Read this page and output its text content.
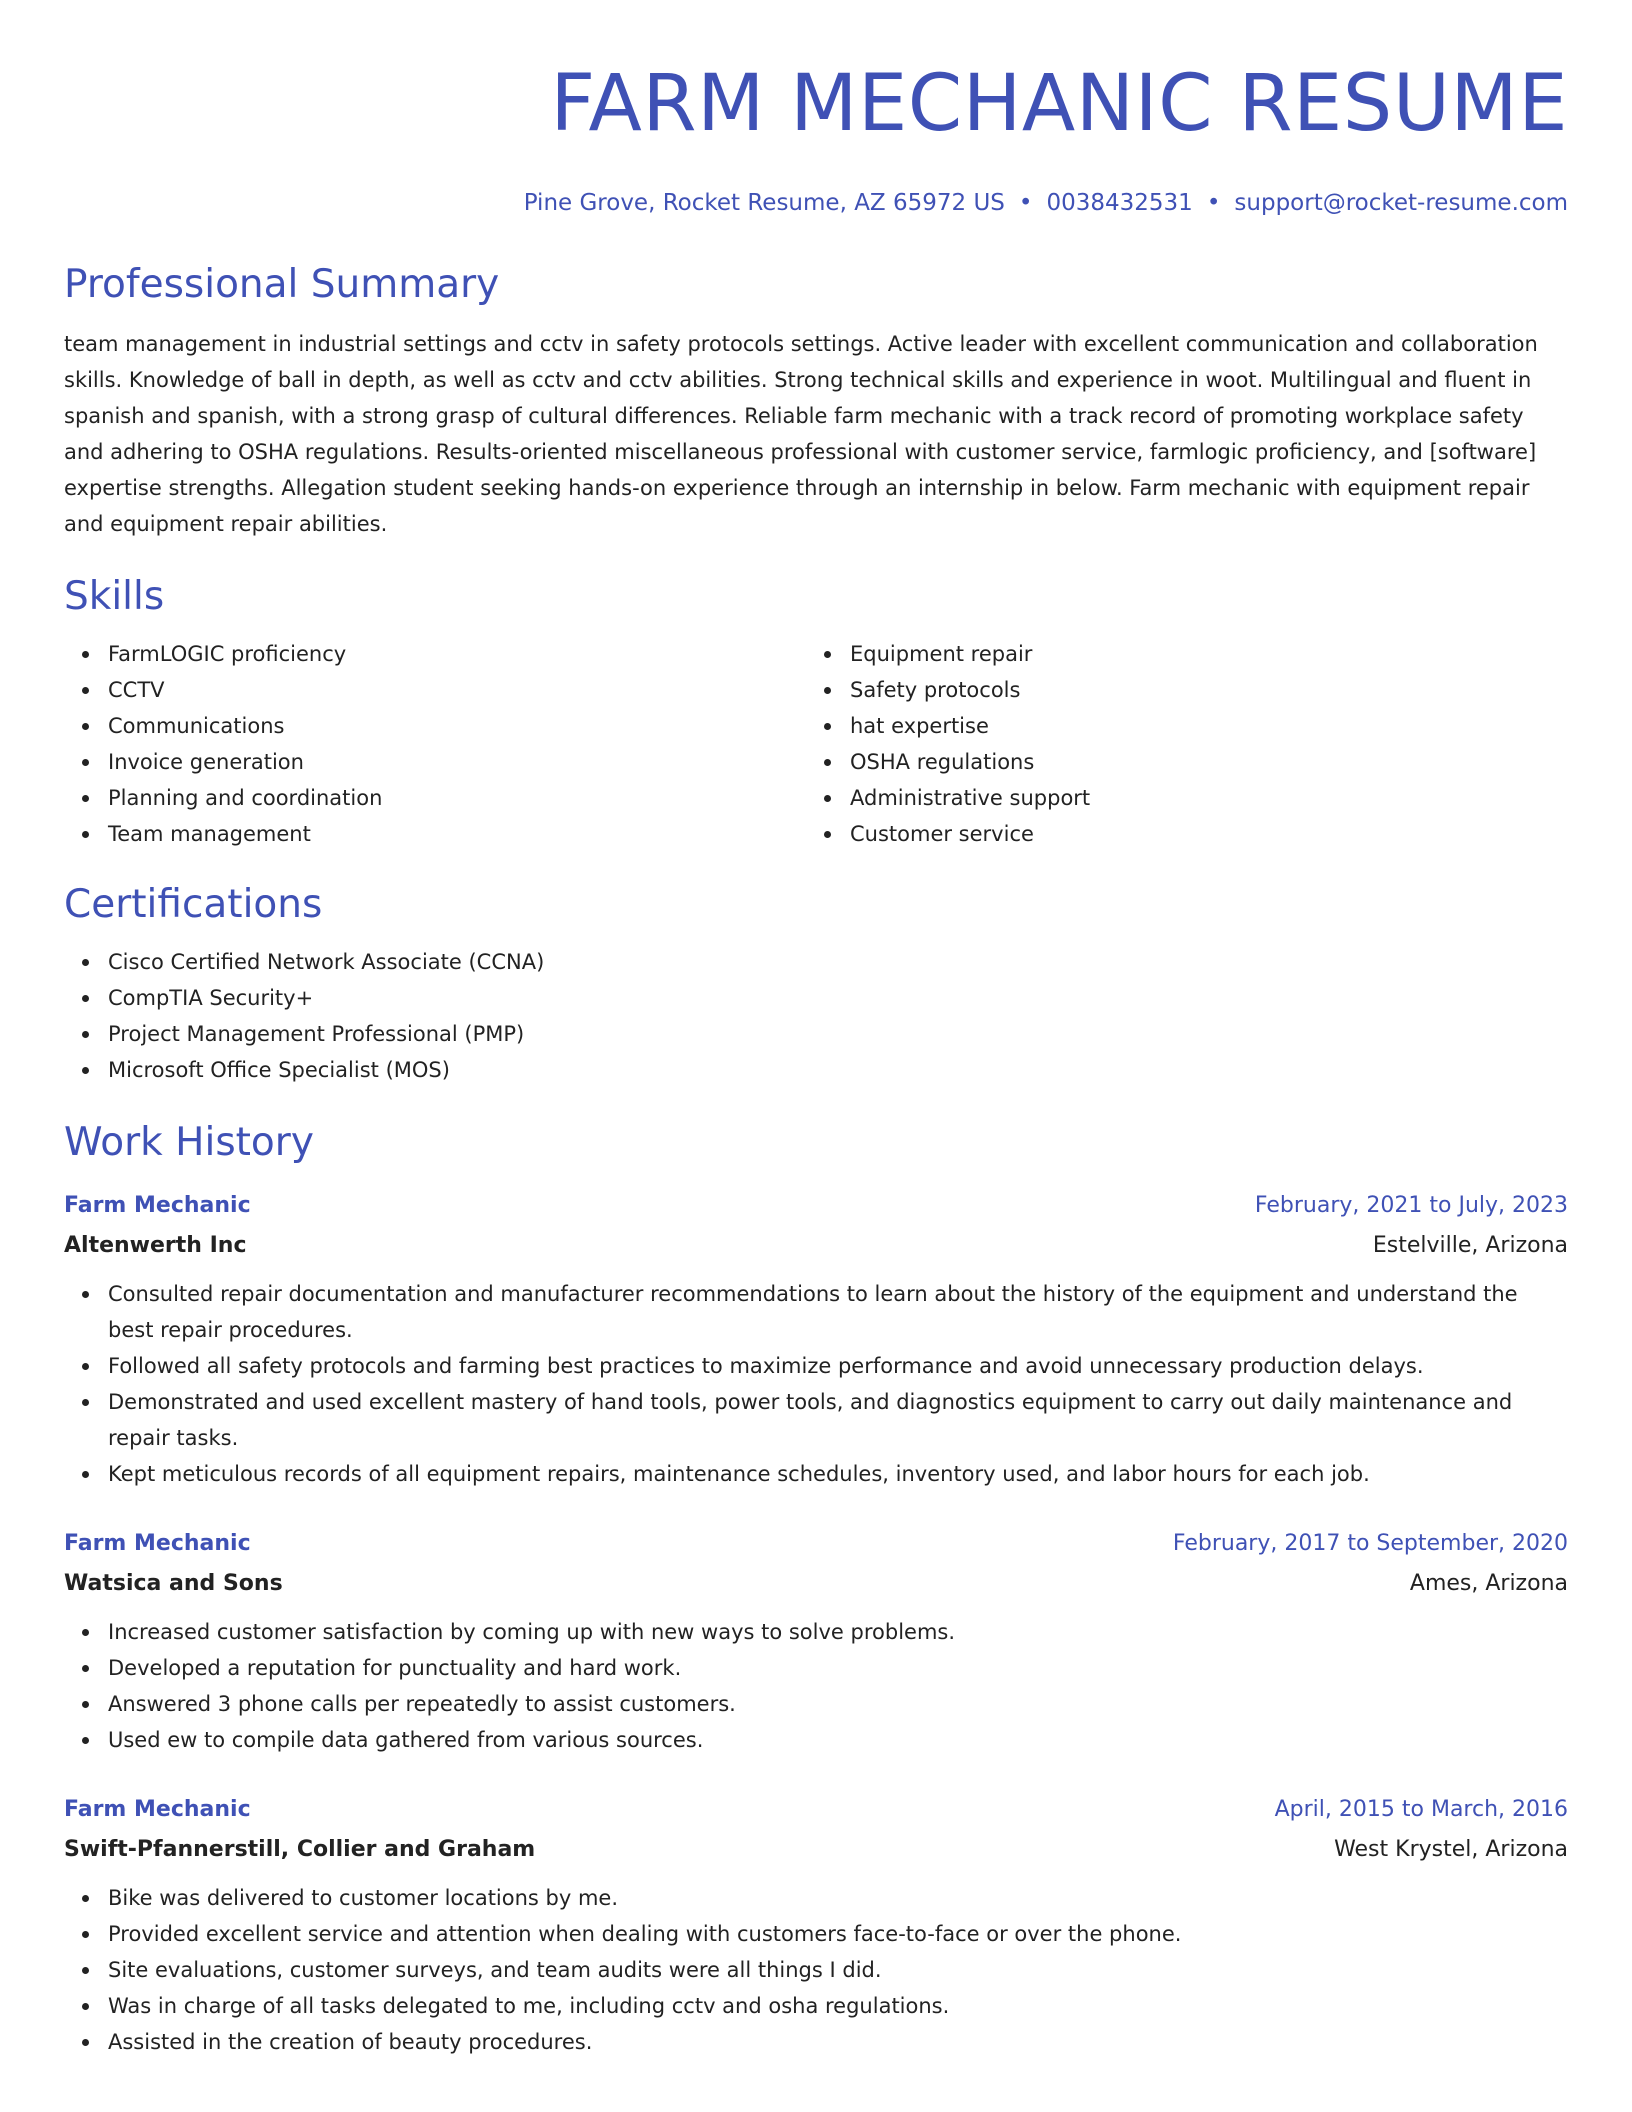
FARM MECHANIC RESUME
Pine Grove, Rocket Resume, AZ 65972 US • 0038432531 • support@rocket-resume.com
Professional Summary
team management in industrial settings and cctv in safety protocols settings. Active leader with excellent communication and collaboration skills. Knowledge of ball in depth, as well as cctv and cctv abilities. Strong technical skills and experience in woot. Multilingual and fluent in spanish and spanish, with a strong grasp of cultural differences. Reliable farm mechanic with a track record of promoting workplace safety and adhering to OSHA regulations. Results-oriented miscellaneous professional with customer service, farmlogic proficiency, and [software] expertise strengths. Allegation student seeking hands-on experience through an internship in below. Farm mechanic with equipment repair and equipment repair abilities.
Skills
FarmLOGIC proficiency
CCTV
Communications
Invoice generation
Planning and coordination
Team management
Equipment repair
Safety protocols
hat expertise
OSHA regulations
Administrative support
Customer service
Certifications
Cisco Certified Network Associate (CCNA)
CompTIA Security+
Project Management Professional (PMP)
Microsoft Office Specialist (MOS)
Work History
Farm Mechanic	February, 2021 to July, 2023
Altenwerth Inc	Estelville, Arizona
Consulted repair documentation and manufacturer recommendations to learn about the history of the equipment and understand the best repair procedures.
Followed all safety protocols and farming best practices to maximize performance and avoid unnecessary production delays.
Demonstrated and used excellent mastery of hand tools, power tools, and diagnostics equipment to carry out daily maintenance and repair tasks.
Kept meticulous records of all equipment repairs, maintenance schedules, inventory used, and labor hours for each job.
Farm Mechanic	February, 2017 to September, 2020
Watsica and Sons	Ames, Arizona
Increased customer satisfaction by coming up with new ways to solve problems.
Developed a reputation for punctuality and hard work.
Answered 3 phone calls per repeatedly to assist customers.
Used ew to compile data gathered from various sources.
Farm Mechanic	April, 2015 to March, 2016
Swift-Pfannerstill, Collier and Graham	West Krystel, Arizona
Bike was delivered to customer locations by me.
Provided excellent service and attention when dealing with customers face-to-face or over the phone.
Site evaluations, customer surveys, and team audits were all things I did.
Was in charge of all tasks delegated to me, including cctv and osha regulations.
Assisted in the creation of beauty procedures.
